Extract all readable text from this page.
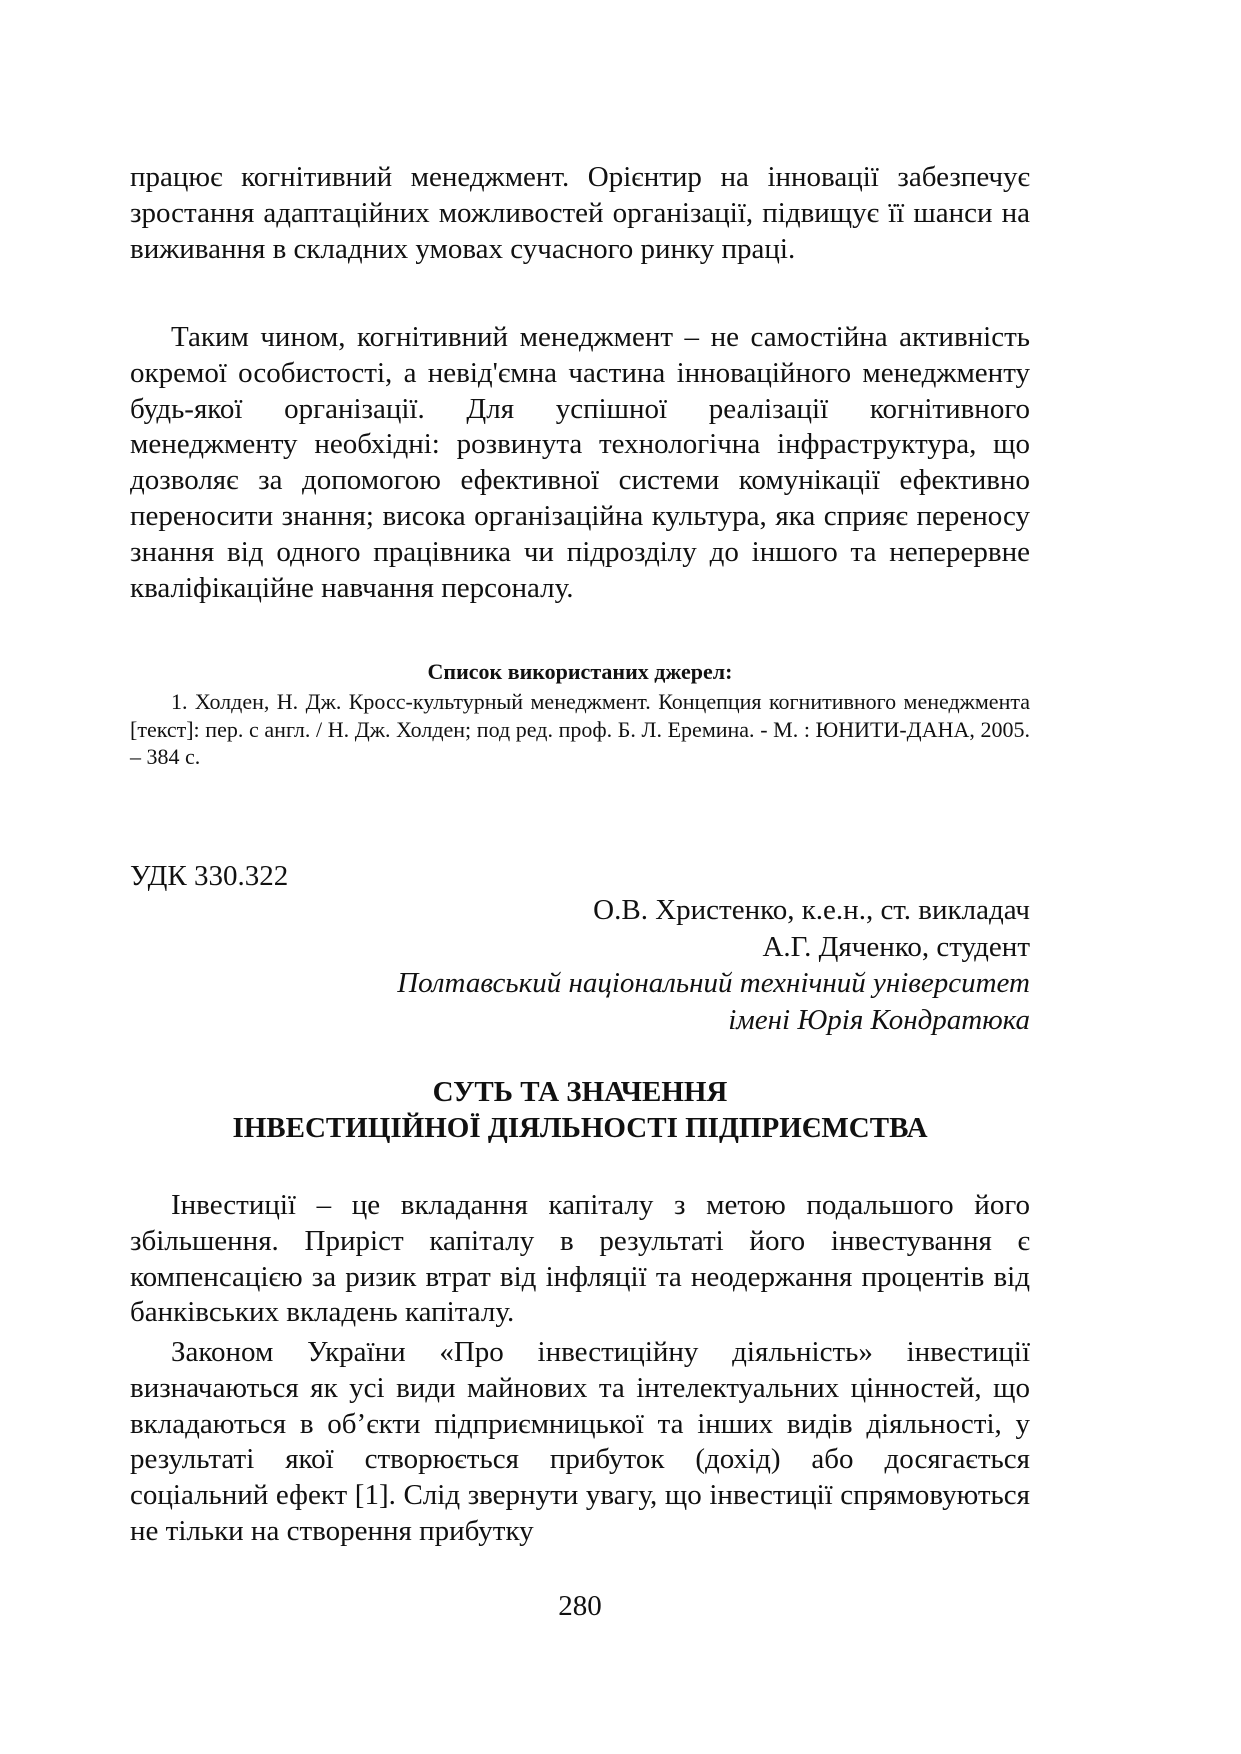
працює когнітивний менеджмент. Орієнтир на інновації забезпечує зростання адаптаційних можливостей організації, підвищує її шанси на виживання в складних умовах сучасного ринку праці.

Таким чином, когнітивний менеджмент – не самостійна активність окремої особистості, а невід'ємна частина інноваційного менеджменту будь-якої організації. Для успішної реалізації когнітивного менеджменту необхідні: розвинута технологічна інфраструктура, що дозволяє за допомогою ефективної системи комунікації ефективно переносити знання; висока організаційна культура, яка сприяє переносу знання від одного працівника чи підрозділу до іншого та неперервне кваліфікаційне навчання персоналу.

Список використаних джерел:

1. Холден, Н. Дж. Кросс-культурный менеджмент. Концепция когнитивного менеджмента [текст]: пер. с англ. / Н. Дж. Холден; под ред. проф. Б. Л. Еремина. - М. : ЮНИТИ-ДАНА, 2005. – 384 с.

УДК 330.322
О.В. Христенко, к.е.н., ст. викладач
А.Г. Дяченко, студент
Полтавський національний технічний університет
імені Юрія Кондратюка
СУТЬ ТА ЗНАЧЕННЯ
ІНВЕСТИЦІЙНОЇ ДІЯЛЬНОСТІ ПІДПРИЄМСТВА

Інвестиції – це вкладання капіталу з метою подальшого його збільшення. Приріст капіталу в результаті його інвестування є компенсацією за ризик втрат від інфляції та неодержання процентів від банківських вкладень капіталу.

Законом України «Про інвестиційну діяльність» інвестиції визначаються як усі види майнових та інтелектуальних цінностей, що вкладаються в об’єкти підприємницької та інших видів діяльності, у результаті якої створюється прибуток (дохід) або досягається соціальний ефект [1]. Слід звернути увагу, що інвестиції спрямовуються не тільки на створення прибутку

280
